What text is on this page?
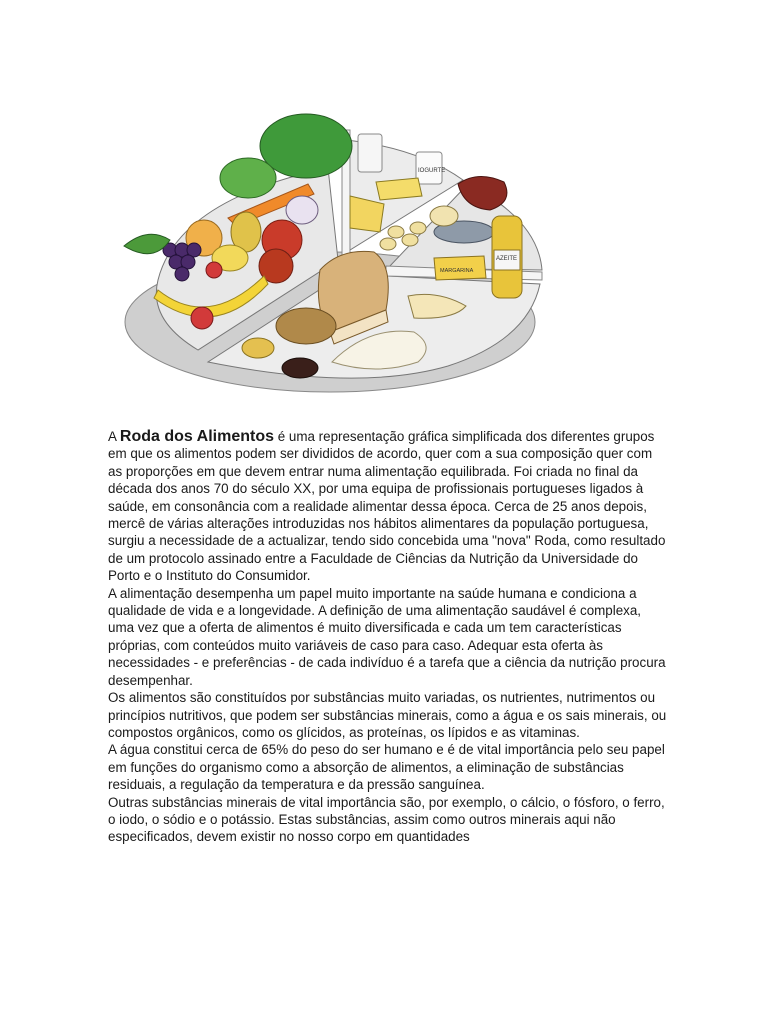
IOGURTE
AZEITE
MARGARINA

A Roda dos Alimentos é uma representação gráfica simplificada dos diferentes grupos em que os alimentos podem ser divididos de acordo, quer com a sua composição quer com as proporções em que devem entrar numa alimentação equilibrada. Foi criada no final da década dos anos 70 do século XX, por uma equipa de profissionais portugueses ligados à saúde, em consonância com a realidade alimentar dessa época. Cerca de 25 anos depois, mercê de várias alterações introduzidas nos hábitos alimentares da população portuguesa, surgiu a necessidade de a actualizar, tendo sido concebida uma "nova" Roda, como resultado de um protocolo assinado entre a Faculdade de Ciências da Nutrição da Universidade do Porto e o Instituto do Consumidor.

A alimentação desempenha um papel muito importante na saúde humana e condiciona a qualidade de vida e a longevidade. A definição de uma alimentação saudável é complexa, uma vez que a oferta de alimentos é muito diversificada e cada um tem características próprias, com conteúdos muito variáveis de caso para caso. Adequar esta oferta às necessidades - e preferências - de cada indivíduo é a tarefa que a ciência da nutrição procura desempenhar.

Os alimentos são constituídos por substâncias muito variadas, os nutrientes, nutrimentos ou princípios nutritivos, que podem ser substâncias minerais, como a água e os sais minerais, ou compostos orgânicos, como os glícidos, as proteínas, os lípidos e as vitaminas.

A água constitui cerca de 65% do peso do ser humano e é de vital importância pelo seu papel em funções do organismo como a absorção de alimentos, a eliminação de substâncias residuais, a regulação da temperatura e da pressão sanguínea.

Outras substâncias minerais de vital importância são, por exemplo, o cálcio, o fósforo, o ferro, o iodo, o sódio e o potássio. Estas substâncias, assim como outros minerais aqui não especificados, devem existir no nosso corpo em quantidades
